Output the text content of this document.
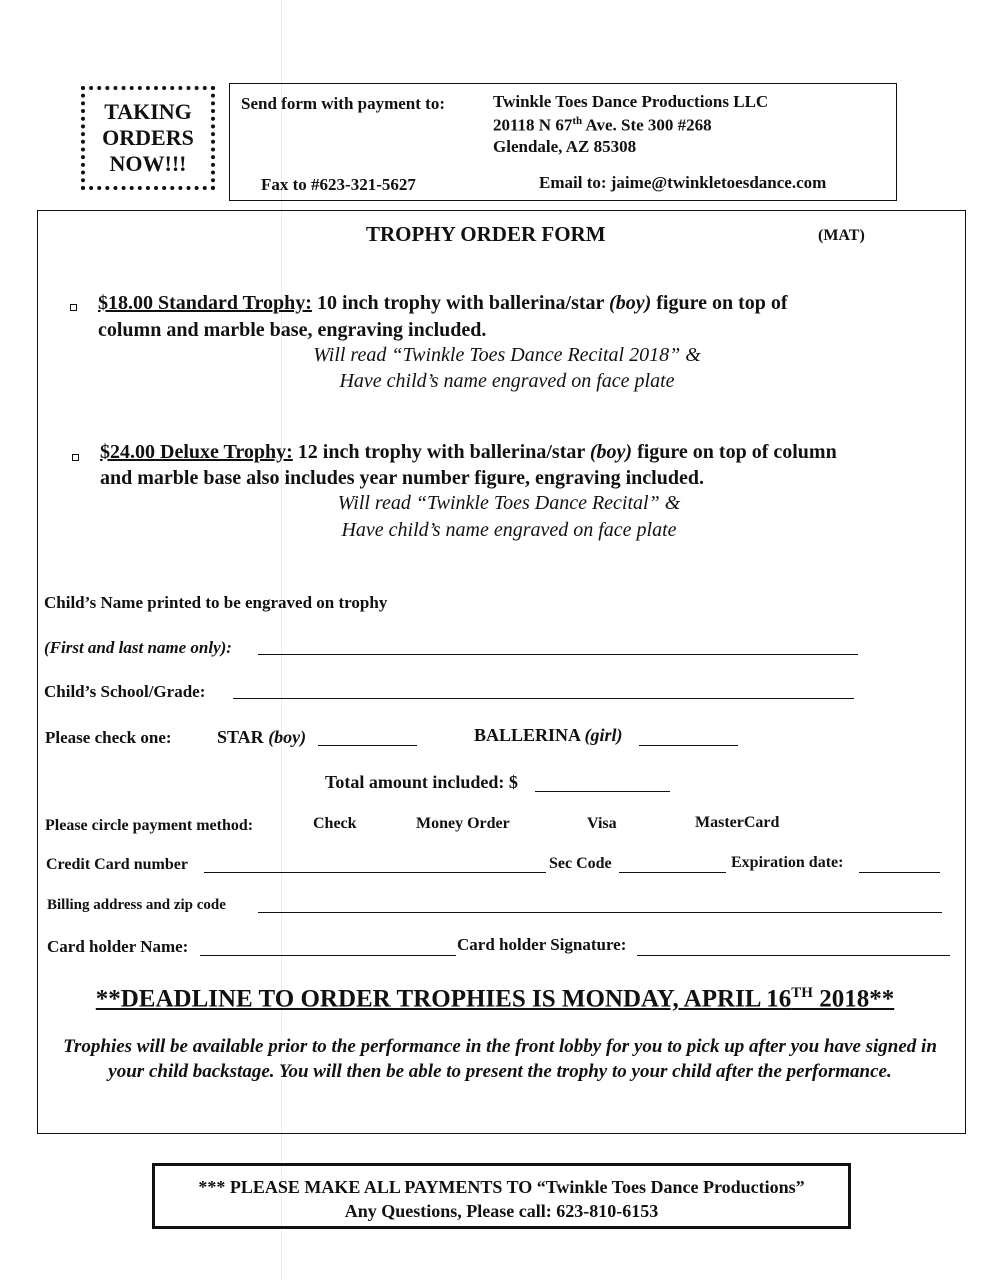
TAKING
ORDERS
NOW!!!
Send form with payment to:	Twinkle Toes Dance Productions LLC
20118 N 67th Ave. Ste 300 #268
Glendale, AZ 85308
Fax to #623-321-5627	Email to: jaime@twinkletoesdance.com
TROPHY ORDER FORM	(MAT)
$18.00 Standard Trophy: 10 inch trophy with ballerina/star (boy) figure on top of
column and marble base, engraving included.
Will read “Twinkle Toes Dance Recital 2018” &
Have child’s name engraved on face plate
$24.00 Deluxe Trophy: 12 inch trophy with ballerina/star (boy) figure on top of column
and marble base also includes year number figure, engraving included.
Will read “Twinkle Toes Dance Recital” &
Have child’s name engraved on face plate
Child’s Name printed to be engraved on trophy
(First and last name only):
Child’s School/Grade:
Please check one:	STAR (boy)	BALLERINA (girl)
Total amount included: $
Please circle payment method:	Check	Money Order	Visa	MasterCard
Credit Card number	Sec Code	Expiration date:
Billing address and zip code
Card holder Name:	Card holder Signature:
**DEADLINE TO ORDER TROPHIES IS MONDAY, APRIL 16TH 2018**
Trophies will be available prior to the performance in the front lobby for you to pick up after you have signed in your child backstage. You will then be able to present the trophy to your child after the performance.
*** PLEASE MAKE ALL PAYMENTS TO “Twinkle Toes Dance Productions”
Any Questions, Please call: 623-810-6153
